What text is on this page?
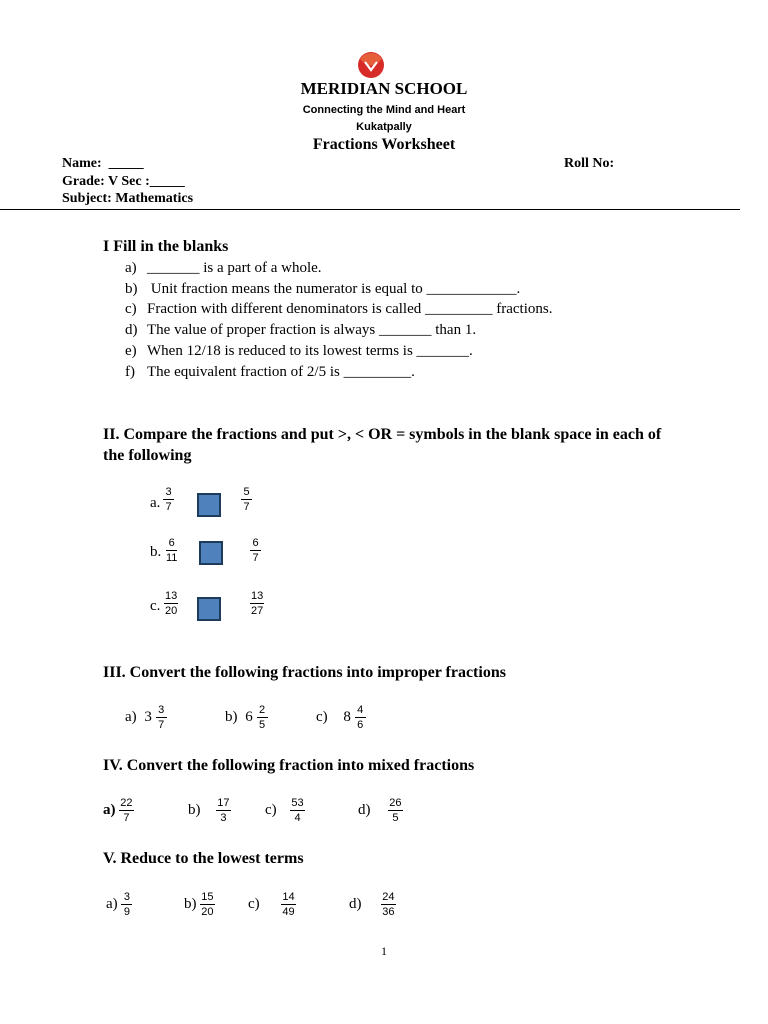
MERIDIAN SCHOOL
Connecting the Mind and Heart
Kukatpally
Fractions Worksheet
Name:  _____	Roll No:
Grade: V Sec :_____
Subject: Mathematics
I Fill in the blanks
a) _______ is a part of a whole.
b) Unit fraction means the numerator is equal to ____________.
c) Fraction with different denominators is called _________ fractions.
d) The value of proper fraction is always _______ than 1.
e) When 12/18 is reduced to its lowest terms is _______.
f) The equivalent fraction of 2/5 is _________.
II. Compare the fractions and put >, < OR = symbols in the blank space in each of
the following
a. $\frac{3}{7}$	$\frac{5}{7}$
b. $\frac{6}{11}$	$\frac{6}{7}$
c. $\frac{13}{20}$	$\frac{13}{27}$
III. Convert the following fractions into improper fractions
a) $3 \frac{3}{7}$	b) $6 \frac{2}{5}$	c) $8 \frac{4}{6}$
IV. Convert the following fraction into mixed fractions
$a) \frac{22}{7}$	$b) \frac{17}{3} c) \frac{53}{4}$	$d) \frac{26}{5}$
V. Reduce to the lowest terms
$a) \frac{3}{9}$	$b) \frac{15}{20} c) \frac{14}{49}$	$d) \frac{24}{36}$
1
